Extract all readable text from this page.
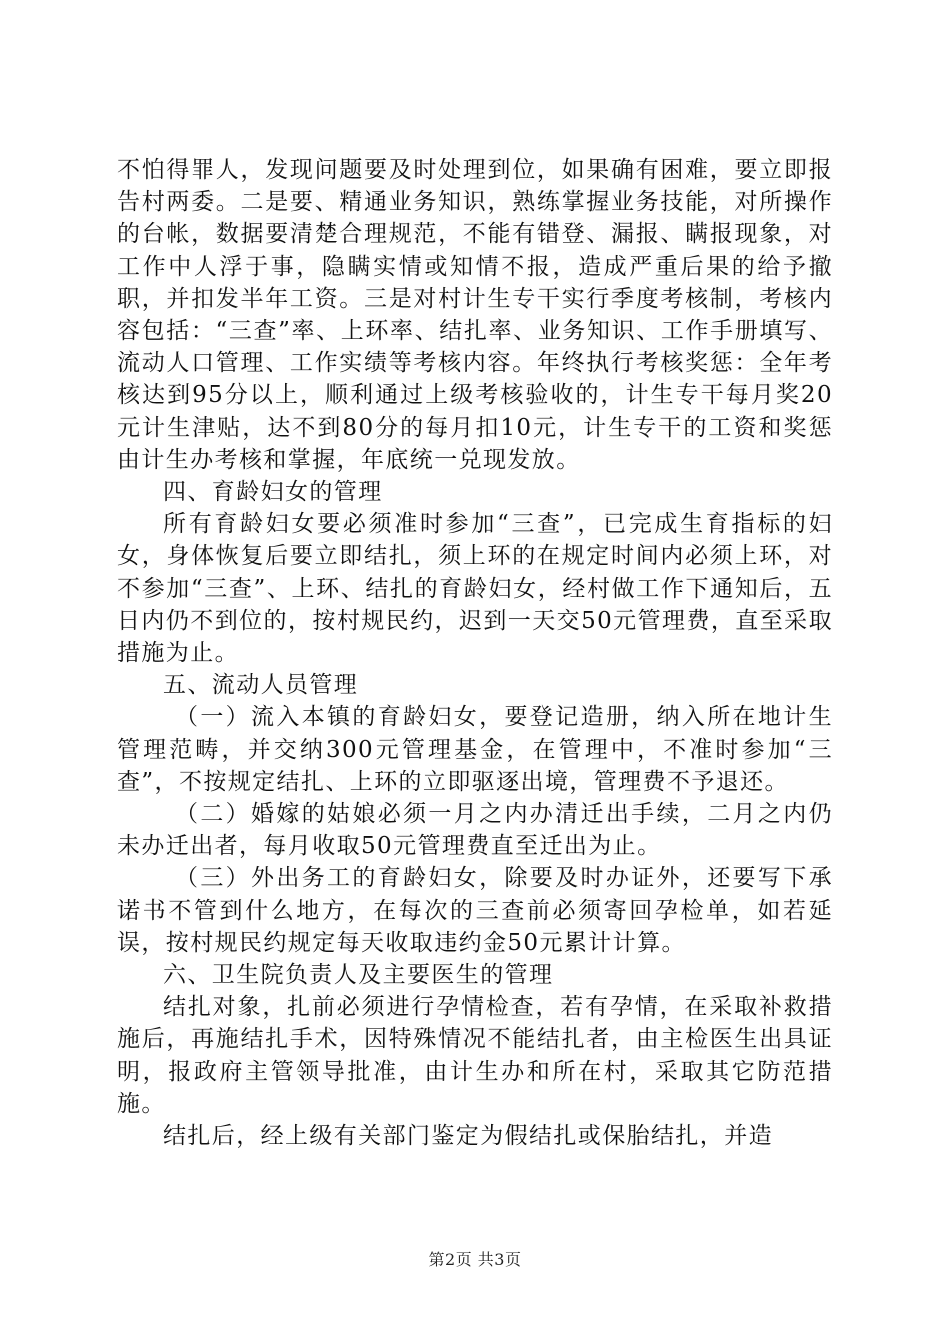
不怕得罪人，发现问题要及时处理到位，如果确有困难，要立即报告村两委。二是要、精通业务知识，熟练掌握业务技能，对所操作的台帐，数据要清楚合理规范，不能有错登、漏报、瞒报现象，对工作中人浮于事，隐瞒实情或知情不报，造成严重后果的给予撤职，并扣发半年工资。三是对村计生专干实行季度考核制，考核内容包括：“三查”率、上环率、结扎率、业务知识、工作手册填写、流动人口管理、工作实绩等考核内容。年终执行考核奖惩：全年考核达到95分以上，顺利通过上级考核验收的，计生专干每月奖20元计生津贴，达不到80分的每月扣10元，计生专干的工资和奖惩由计生办考核和掌握，年底统一兑现发放。

四、育龄妇女的管理

所有育龄妇女要必须准时参加“三查”，已完成生育指标的妇女，身体恢复后要立即结扎，须上环的在规定时间内必须上环，对不参加“三查”、上环、结扎的育龄妇女，经村做工作下通知后，五日内仍不到位的，按村规民约，迟到一天交50元管理费，直至采取措施为止。

五、流动人员管理

（一）流入本镇的育龄妇女，要登记造册，纳入所在地计生管理范畴，并交纳300元管理基金，在管理中，不准时参加“三查”，不按规定结扎、上环的立即驱逐出境，管理费不予退还。

（二）婚嫁的姑娘必须一月之内办清迁出手续，二月之内仍未办迁出者，每月收取50元管理费直至迁出为止。

（三）外出务工的育龄妇女，除要及时办证外，还要写下承诺书不管到什么地方，在每次的三查前必须寄回孕检单，如若延误，按村规民约规定每天收取违约金50元累计计算。

六、卫生院负责人及主要医生的管理

结扎对象，扎前必须进行孕情检查，若有孕情，在采取补救措施后，再施结扎手术，因特殊情况不能结扎者，由主检医生出具证明，报政府主管领导批准，由计生办和所在村，采取其它防范措施。

结扎后，经上级有关部门鉴定为假结扎或保胎结扎，并造

第2页 共3页
